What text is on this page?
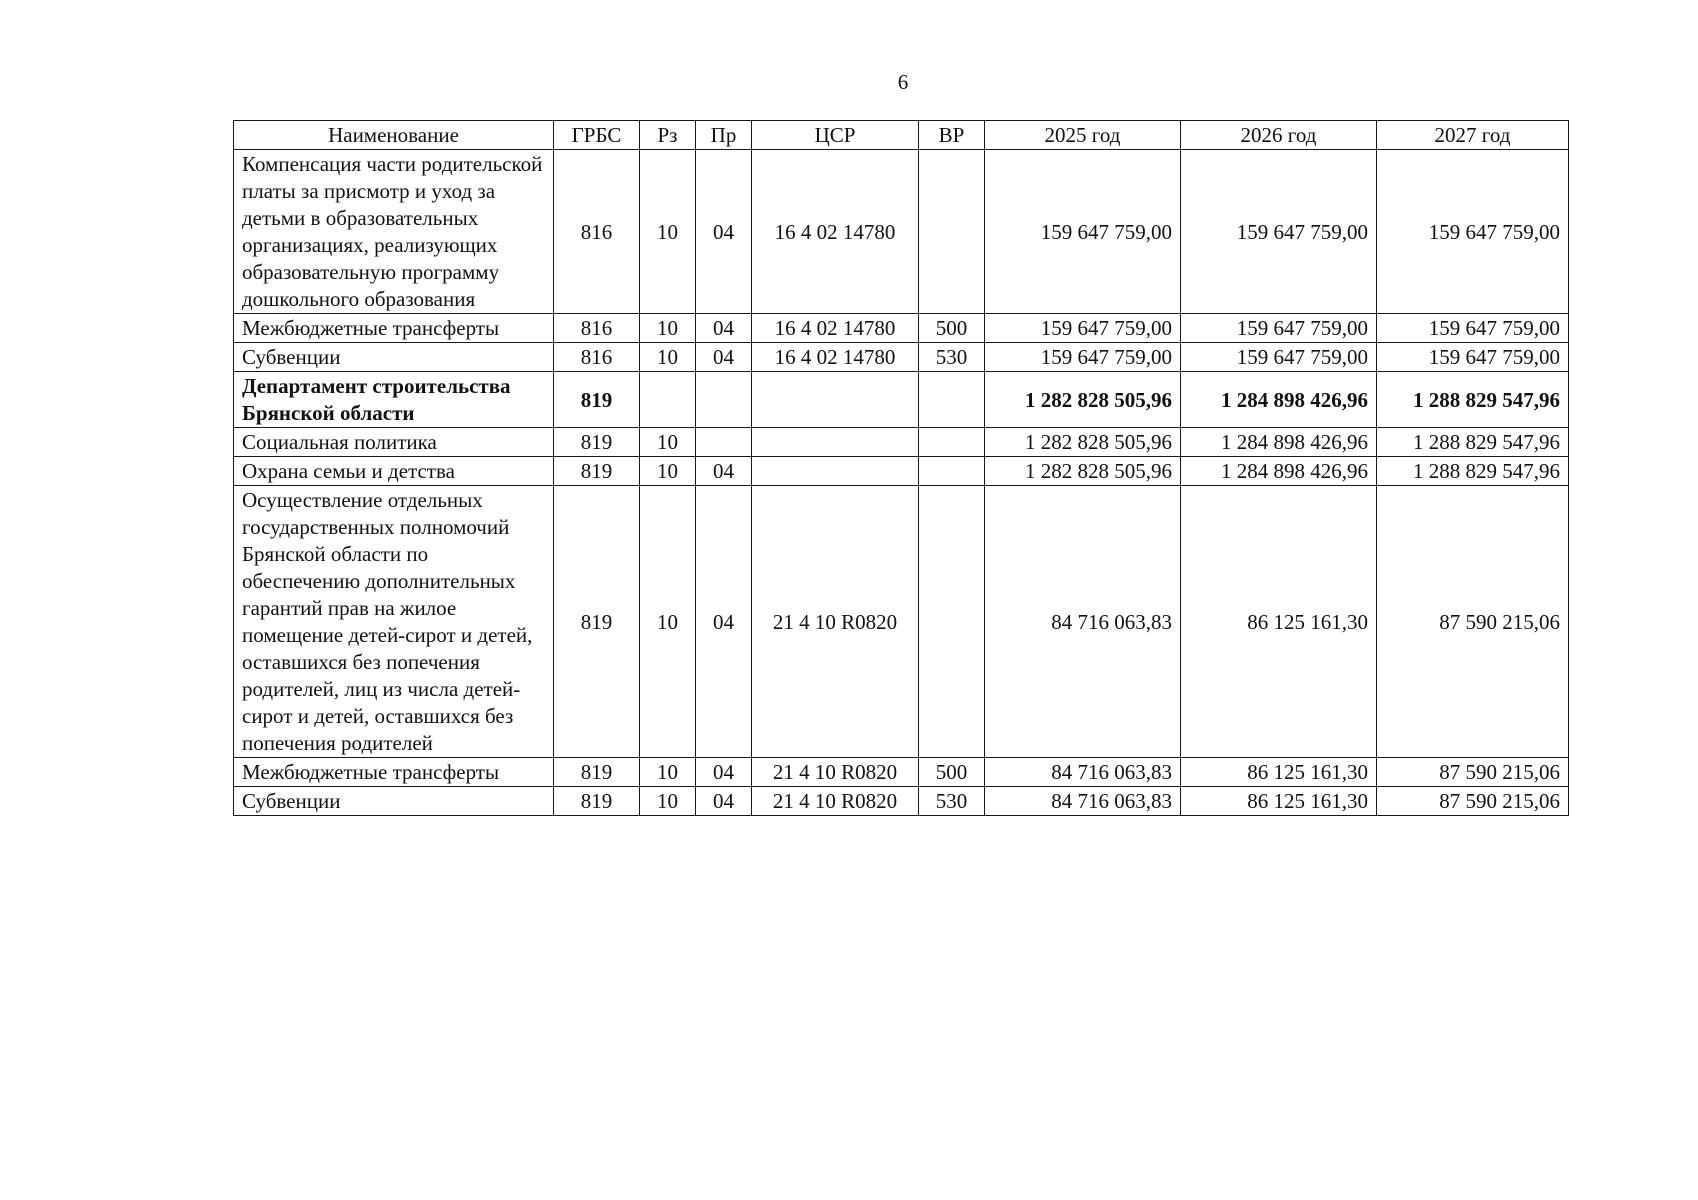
6
Наименование	ГРБС	Рз	Пр	ЦСР	ВР	2025 год	2026 год	2027 год
Компенсация части родительской платы за присмотр и уход за детьми в образовательных организациях, реализующих образовательную программу дошкольного образования	816	10	04	16 4 02 14780		159 647 759,00	159 647 759,00	159 647 759,00
Межбюджетные трансферты	816	10	04	16 4 02 14780	500	159 647 759,00	159 647 759,00	159 647 759,00
Субвенции	816	10	04	16 4 02 14780	530	159 647 759,00	159 647 759,00	159 647 759,00
Департамент строительства Брянской области	819					1 282 828 505,96	1 284 898 426,96	1 288 829 547,96
Социальная политика	819	10				1 282 828 505,96	1 284 898 426,96	1 288 829 547,96
Охрана семьи и детства	819	10	04			1 282 828 505,96	1 284 898 426,96	1 288 829 547,96
Осуществление отдельных государственных полномочий Брянской области по обеспечению дополнительных гарантий прав на жилое помещение детей-сирот и детей, оставшихся без попечения родителей, лиц из числа детей-сирот и детей, оставшихся без попечения родителей	819	10	04	21 4 10 R0820		84 716 063,83	86 125 161,30	87 590 215,06
Межбюджетные трансферты	819	10	04	21 4 10 R0820	500	84 716 063,83	86 125 161,30	87 590 215,06
Субвенции	819	10	04	21 4 10 R0820	530	84 716 063,83	86 125 161,30	87 590 215,06
